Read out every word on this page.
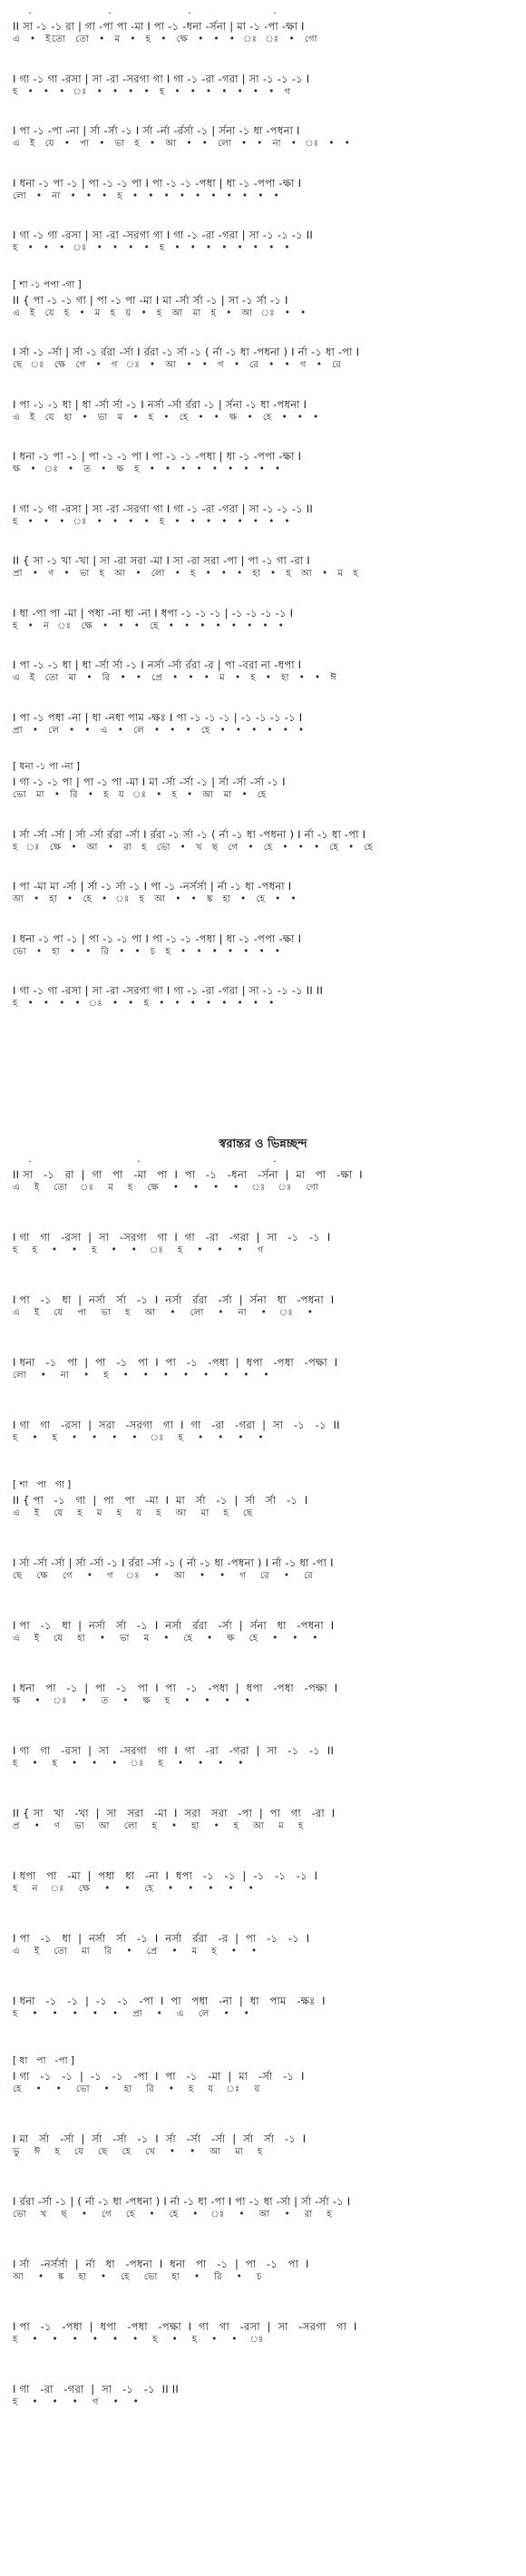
II সা -১ -১ রা | গা -পা পা -মা I পা -১ -ধনা -র্সনা | মা -১ -পা -ক্ষা I
এ  •  ইতো  তো  •  ম  •  হ  •  ক্ষে  •  •  •  ঃ  ঃ  •  গো
I গা -১ গা -রসা | সা -রা -সরগা গা I গা -১ -রা -গরা | সা -১ -১ -১ I
হ  •  •  •  ঃ  •  •  •  •  হ  •  •  •  •  •  •  •  গ
I পা -১ -পা -না | র্সা -র্সা -১ I র্সা -র্না -র্রর্সা -১ | র্সনা -১ ধা -পধনা I
এ  ই  যে  •  পা  •  ভা  হ  •  আ  •  •  লো  •  •  না  •  ঃ  •  •
I ধনা -১ পা -১ | পা -১ -১ পা I পা -১ -১ -পধা | ধা -১ -পপা -ক্ষা I
লো  •  না  •  •  •  হ  •  •  •  •  •  •  •  •  •  •
I গা -১ গা -রসা | সা -রা -সরগা গা I গা -১ -রা -গরা | সা -১ -১ -১ II
হ  •  •  •  ঃ  •  •  •  •  হ  •  •  •  •  •  •  •  •
[ শা -১ পপা -গা ]
II { পা -১ -১ গা | পা -১ পা -মা I মা -র্সা র্সা -১ | সা -১ র্সা -১ I
এ  ই  যে  হ  •  ম  হ  য়  •  হ  আ  মা  হ  •  আ  ঃ  •  •
I র্সা -১ -র্সা | র্সা -১ র্ররা -র্সা I র্ররা -১ র্সা -১ ( র্না -১ ধা -পধনা ) I র্না -১ ধা -পা I
ছে  ঃ  ক্ষে  গে  •  গ  ঃ  •  আ  •  •  গ  •  রে  •  •  গ  •  রে
I পা -১ -১ ধা | ধা -র্সা র্সা -১ I নর্সা -র্সা র্ররা -১ | র্সনা -১ ধা -পধনা I
এ  ই  যে  হা  •  ভা  ম  •  হ  •  হে  •  •  ক্ষ  •  হে  •  •  •
I ধনা -১ পা -১ | পা -১ -১ পা I পা -১ -১ -পধা | ধা -১ -পপা -ক্ষা I
ক্ষ  •  ঃ  •  ত  •  ক্ষ  হ  •  •  •  •  •  •  •  •  •
I গা -১ গা -রসা | সা -রা -সরগা গা I গা -১ -রা -গরা | সা -১ -১ -১ II
হ  •  •  •  ঃ  •  •  •  •  হ  •  •  •  •  •  •  •  •
II { সা -১ খা -খা | সা -রা সরা -মা I সা -রা সরা -পা | পা -১ গা -রা I
প্রা  •  ণ  •  ভা  হ  আ  •  লো  •  হ  •  •  •  হা  •  হ  আ  •  ম  হ
I ধা -পা পা -মা | পধা -না ধা -না I ধপা -১ -১ -১ | -১ -১ -১ -১ I
হ  •  ন  ঃ  ক্ষে  •  •  •  হে  •  •  •  •  •  •  •  •
I পা -১ -১ ধা | ধা -র্সা র্সা -১ I নর্সা -র্সা র্ররা -র | পা -বরা না -ধপা I
এ  ই  তো  মা  •  রি  •  •  প্রে  •  •  •  ম  •  হ  •  হা  •  •  ঈ
I পা -১ পধা -না | ধা -নধা পাম -ক্ষঃ I পা -১ -১ -১ | -১ -১ -১ -১ I
প্রা  •  লে  •  •  এ  •  লে  •  •  •  হে  •  •  •  •  •  •
[ ধনা -১ পা -না ]
I গা -১ -১ পা | পা -১ পা -মা I মা -র্সা -র্সা -১ | র্সা -র্সা -র্সা -১ I
ভো  মা  •  রি  •  হ  য  ঃ  •  হ  •  আ  মা  •  হে
I র্সা -র্সা -র্সা | র্সা -র্সা র্ররা -র্সা I র্ররা -১ র্সা -১ ( র্না -১ ধা -পধনা ) I র্না -১ ধা -পা I
হ  ঃ  ক্ষে  •  আ  •  রা  হ  ভো  •  খ  ছ  গে  •  হে  •  •  •  হে  •  হে
I পা -মা মা -র্সা | র্সা -১ র্সা -১ I পা -১ -নর্সর্সা | র্না -১ ধা -পধনা I
আ  •  হা  •  হে  •  ঃ  হ  আ  •  •  ঙ্ক  হা  •  হে  •  •
I ধনা -১ পা -১ | পা -১ -১ পা I পা -১ -১ -পধা | ধা -১ -পপা -ক্ষা I
ভো  •  হা  •  •  রি  •  •  চ  হ  •  •  •  •  •  •  •
I গা -১ গা -রসা | সা -রা -সরগা গা I গা -১ -রা -গরা | সা -১ -১ -১ II II
হ  •  •  •  •  ঃ  •  •  হ  •  •  •  •  •  •  •  •
স্বরান্তর ও ভিন্নচ্ছন্দ
II সা   -১   রা  |  গা   পা   -মা   পা  I  পা   -১   -ধনা   -র্সনা  |  মা   পা   -ক্ষা  I
এ   ই   তো   ঃ   ম   হ   ক্ষে   •   •   •   •   ঃ   ঃ   ণো
I গা   গা   -রসা  |  সা   -সরগা   গা  I  গা   -রা   -গরা  |  সা   -১   -১  I
হ   হ   •   •   হ   •   •   ঃ   হ   •   •   •   গ
I পা   -১   ধা  |  নর্সা   র্সা   -১  I  নর্সা   র্ররা   -র্সা  |  র্সনা   ধা   -পধনা  I
এ   ই   যে   পা   ভা   হ   আ   •   লো   •   না   •   ঃ   •
I ধনা   -১   পা  |  পা   -১   পা  I  পা   -১   -পধা  |  ধপা   -পধা   -পক্ষা  I
লো   •   না   •   হ   •   •   •   •   •   •   •   •
I গা   গা   -রসা  |  সরা   -সরগা   গা  I  গা   -রা   -গরা  |  সা   -১   -১  II
হ   •   হ   •   •   •   •   ঃ   হ   •   •   •   •
[ শা   পা   গা ]
II { পা   -১   গা  |  পা   পা   -মা  I  মা   র্সা   -১  |  র্সা   র্সা   -১  I
এ   ই   যে   হ   ম   হ   য়   হ   আ   মা   হ   ছে
I র্সা -র্সা -র্সা | র্সা -র্সা -১ I র্ররা -র্সা -১ ( র্না -১ ধা -পধনা ) I র্না -১ ধা -পা I
ছে   ক্ষে   গে   •   গ   ঃ   •   আ   •   •   গ   রে   •   রে
I পা   -১   ধা  |  নর্সা   র্সা   -১  I  নর্সা   র্ররা   -র্সা  |  র্সনা   ধা   -পধনা  I
এ   ই   যে   হা   •   ভা   ম   •   হে   •   ক্ষ   হে   •   •   •
I ধনা   পা   -১  |  পা   -১   পা  I  পা   -১   -পধা  |  ধপা   -পধা   -পক্ষা  I
ক্ষ   •   ঃ   •   ত   •   ক্ষ   হ   •   •   •   •
I গা   গা   -রসা  |  সা   -সরগা   গা  I  গা   -রা   -গরা  |  সা   -১   -১  II
হ   •   হ   •   •   •   ঃ   হ   •   •   •   •
II { সা   খা   -খা  |  সা   সরা   -মা  I  সরা   সরা   -পা  |  পা   গা   -রা  I
প্র   •   ণ   ভা   আ   লো   হ   •   হা   •   হ   আ   ম   হ
I ধপা   পা   -মা  |  পধা   ধা   -না  I  ধপা   -১   -১  |  -১   -১   -১  I
হ   ন   ঃ   ক্ষে   •   •   হে   •   •   •   •   •
I পা   -১   ধা  |  নর্সা   র্সা   -১  I  নর্সা   র্ররা   -র  |  পা   -১   -১  I
এ   ই   তো   মা   রি   •   প্রে   •   ম   হ   •   •
I ধনা   -১   -১  |  -১   -১   -পা  I  পা   পধা   -না  |  ধা   পাম   -ক্ষঃ  I
হ   •   •   •   •   •   প্রা   •   এ   লে   •   •
[ ধা   পা   -পা ]
I গা   -১   -১  |  -১   -১   -পা  I  পা   -১   -মা  |  মা   -র্সা   -১  I
হে   •   •   ভো   •   হা   রি   •   হ   য   ঃ   য়
I মা   র্সা   -র্সা  |  র্সা   -র্সা   -১  I  র্সা   -র্সা   -র্সা  |  র্সা   র্সা   -১  I
ভু   ঈ   হ   যে   ছে   হে   খে   •   •   আ   মা   হ
I র্ররা -র্সা -১ | ( র্না -১ ধা -পধনা ) I র্না -১ ধা -পা I পা -১ ধা -র্সা | র্সা -র্সা -১ I
ভো   খ   ছ   •   গে   হে   •   হে   •   ঃ   •   আ   •   রা   হ
I র্সা   -নর্সর্সা  |  র্না   ধা   -পধনা  I  ধনা   পা   -১  |  পা   -১   পা  I
আ   •   ঙ্ক   হা   •   হে   ভো   হা   •   রি   •   চ
I পা   -১   -পধা  |  ধপা   -পধা   -পক্ষা  I  গা   গা   -রসা  |  সা   -সরগা   গা  I
হ   •   •   •   •   •   •   হ   •   হ   •   •   ঃ
I গা   -রা   -গরা  |  সা   -১   -১  II II
হ   •   •   •   গ   •   •
˙	˙	˙	˙
˙	˙	˙
